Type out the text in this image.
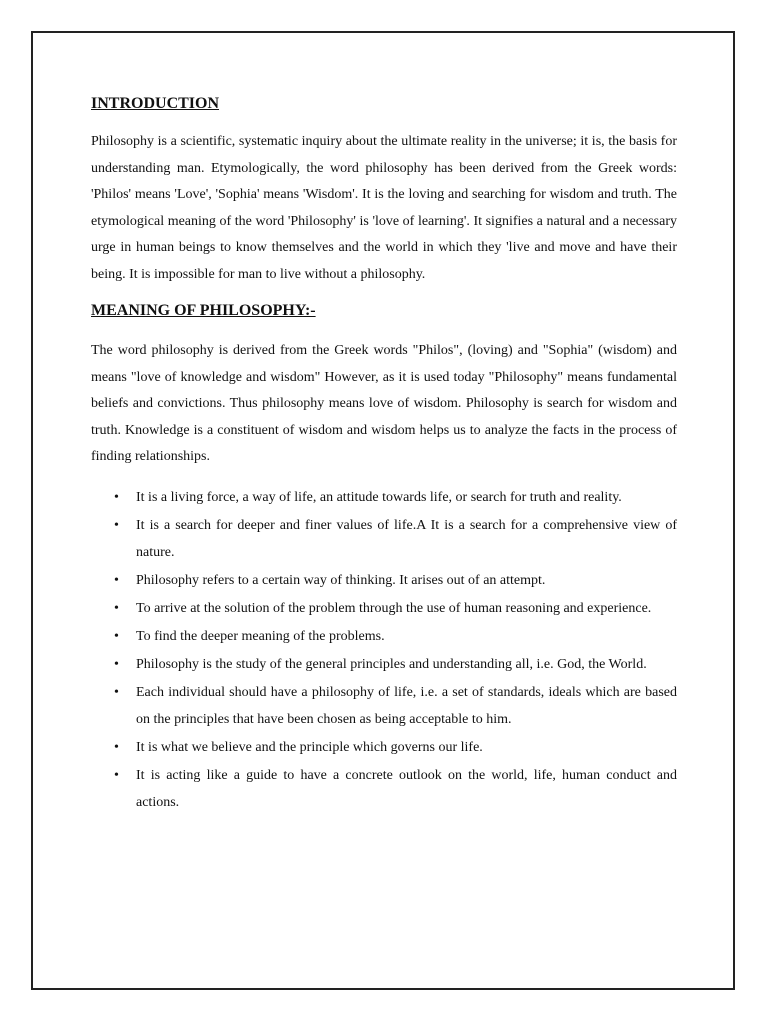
INTRODUCTION

Philosophy is a scientific, systematic inquiry about the ultimate reality in the universe; it is, the basis for understanding man. Etymologically, the word philosophy has been derived from the Greek words: 'Philos' means 'Love', 'Sophia' means 'Wisdom'. It is the loving and searching for wisdom and truth. The etymological meaning of the word 'Philosophy' is 'love of learning'. It signifies a natural and a necessary urge in human beings to know themselves and the world in which they 'live and move and have their being. It is impossible for man to live without a philosophy.

MEANING OF PHILOSOPHY:-

The word philosophy is derived from the Greek words "Philos", (loving) and "Sophia" (wisdom) and means "love of knowledge and wisdom" However, as it is used today "Philosophy" means fundamental beliefs and convictions. Thus philosophy means love of wisdom. Philosophy is search for wisdom and truth. Knowledge is a constituent of wisdom and wisdom helps us to analyze the facts in the process of finding relationships.

• It is a living force, a way of life, an attitude towards life, or search for truth and reality.
• It is a search for deeper and finer values of life.A It is a search for a comprehensive view of nature.
• Philosophy refers to a certain way of thinking. It arises out of an attempt.
• To arrive at the solution of the problem through the use of human reasoning and experience.
• To find the deeper meaning of the problems.
• Philosophy is the study of the general principles and understanding all, i.e. God, the World.
• Each individual should have a philosophy of life, i.e. a set of standards, ideals which are based on the principles that have been chosen as being acceptable to him.
• It is what we believe and the principle which governs our life.
• It is acting like a guide to have a concrete outlook on the world, life, human conduct and actions.
